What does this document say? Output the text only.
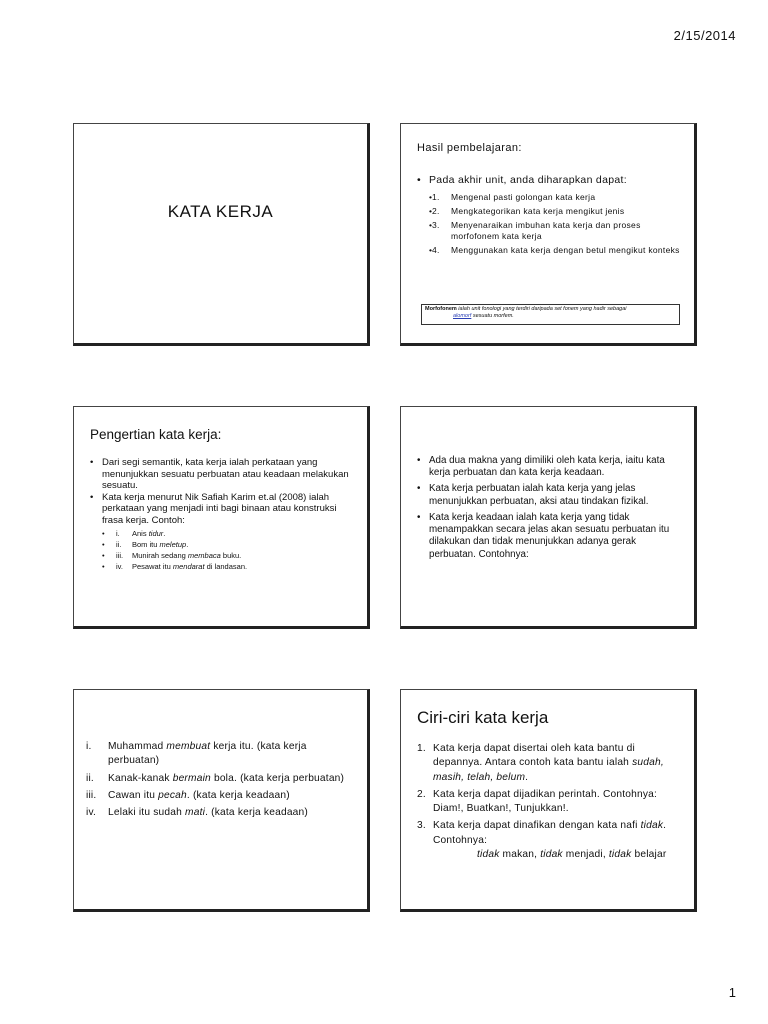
2/15/2014
KATA KERJA
Hasil pembelajaran:
• Pada akhir unit, anda diharapkan dapat:
• 1. Mengenal pasti golongan kata kerja
• 2. Mengkategorikan kata kerja mengikut jenis
• 3. Menyenaraikan imbuhan kata kerja dan proses morfofonem kata kerja
• 4. Menggunakan kata kerja dengan betul mengikut konteks
Morfofonem ialah unit fonologi yang terdiri daripada set fonem yang hadir sebagai
alomorf sesuatu morfem.
Pengertian kata kerja:
• Dari segi semantik, kata kerja ialah perkataan yang menunjukkan sesuatu perbuatan atau keadaan melakukan sesuatu.
• Kata kerja menurut Nik Safiah Karim et.al (2008) ialah perkataan yang menjadi inti bagi binaan atau konstruksi frasa kerja. Contoh:
• i. Anis tidur.
• ii. Bom itu meletup.
• iii. Munirah sedang membaca buku.
• iv. Pesawat itu mendarat di landasan.
• Ada dua makna yang dimiliki oleh kata kerja, iaitu kata kerja perbuatan dan kata kerja keadaan.
• Kata kerja perbuatan ialah kata kerja yang jelas menunjukkan perbuatan, aksi atau tindakan fizikal.
• Kata kerja keadaan ialah kata kerja yang tidak menampakkan secara jelas akan sesuatu perbuatan itu dilakukan dan tidak menunjukkan adanya gerak perbuatan. Contohnya:
i. Muhammad membuat kerja itu. (kata kerja perbuatan)
ii. Kanak-kanak bermain bola. (kata kerja perbuatan)
iii. Cawan itu pecah. (kata kerja keadaan)
iv. Lelaki itu sudah mati. (kata kerja keadaan)
Ciri-ciri kata kerja
1. Kata kerja dapat disertai oleh kata bantu di depannya. Antara contoh kata bantu ialah sudah, masih, telah, belum.
2. Kata kerja dapat dijadikan perintah. Contohnya: Diam!, Buatkan!, Tunjukkan!.
3. Kata kerja dapat dinafikan dengan kata nafi tidak. Contohnya:
tidak makan, tidak menjadi, tidak belajar
1
